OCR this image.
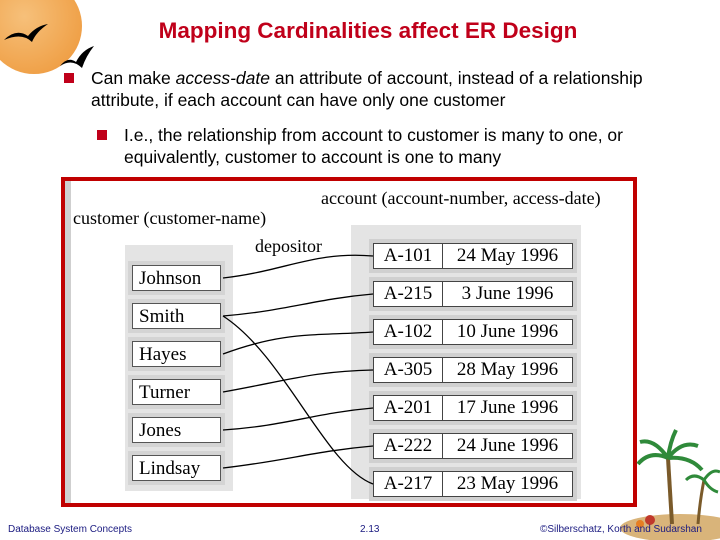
Mapping Cardinalities affect ER Design
Can make access-date an attribute of account, instead of a relationship attribute, if each account can have only one customer
I.e., the relationship from account to customer is many to one, or equivalently, customer to account is one to many
account (account-number, access-date)
customer (customer-name)
depositor
Johnson
Smith
Hayes
Turner
Jones
Lindsay
A-101	24 May 1996
A-215	3 June 1996
A-102	10 June 1996
A-305	28 May 1996
A-201	17 June 1996
A-222	24 June 1996
A-217	23 May 1996
Database System Concepts	2.13	©Silberschatz, Korth and Sudarshan
